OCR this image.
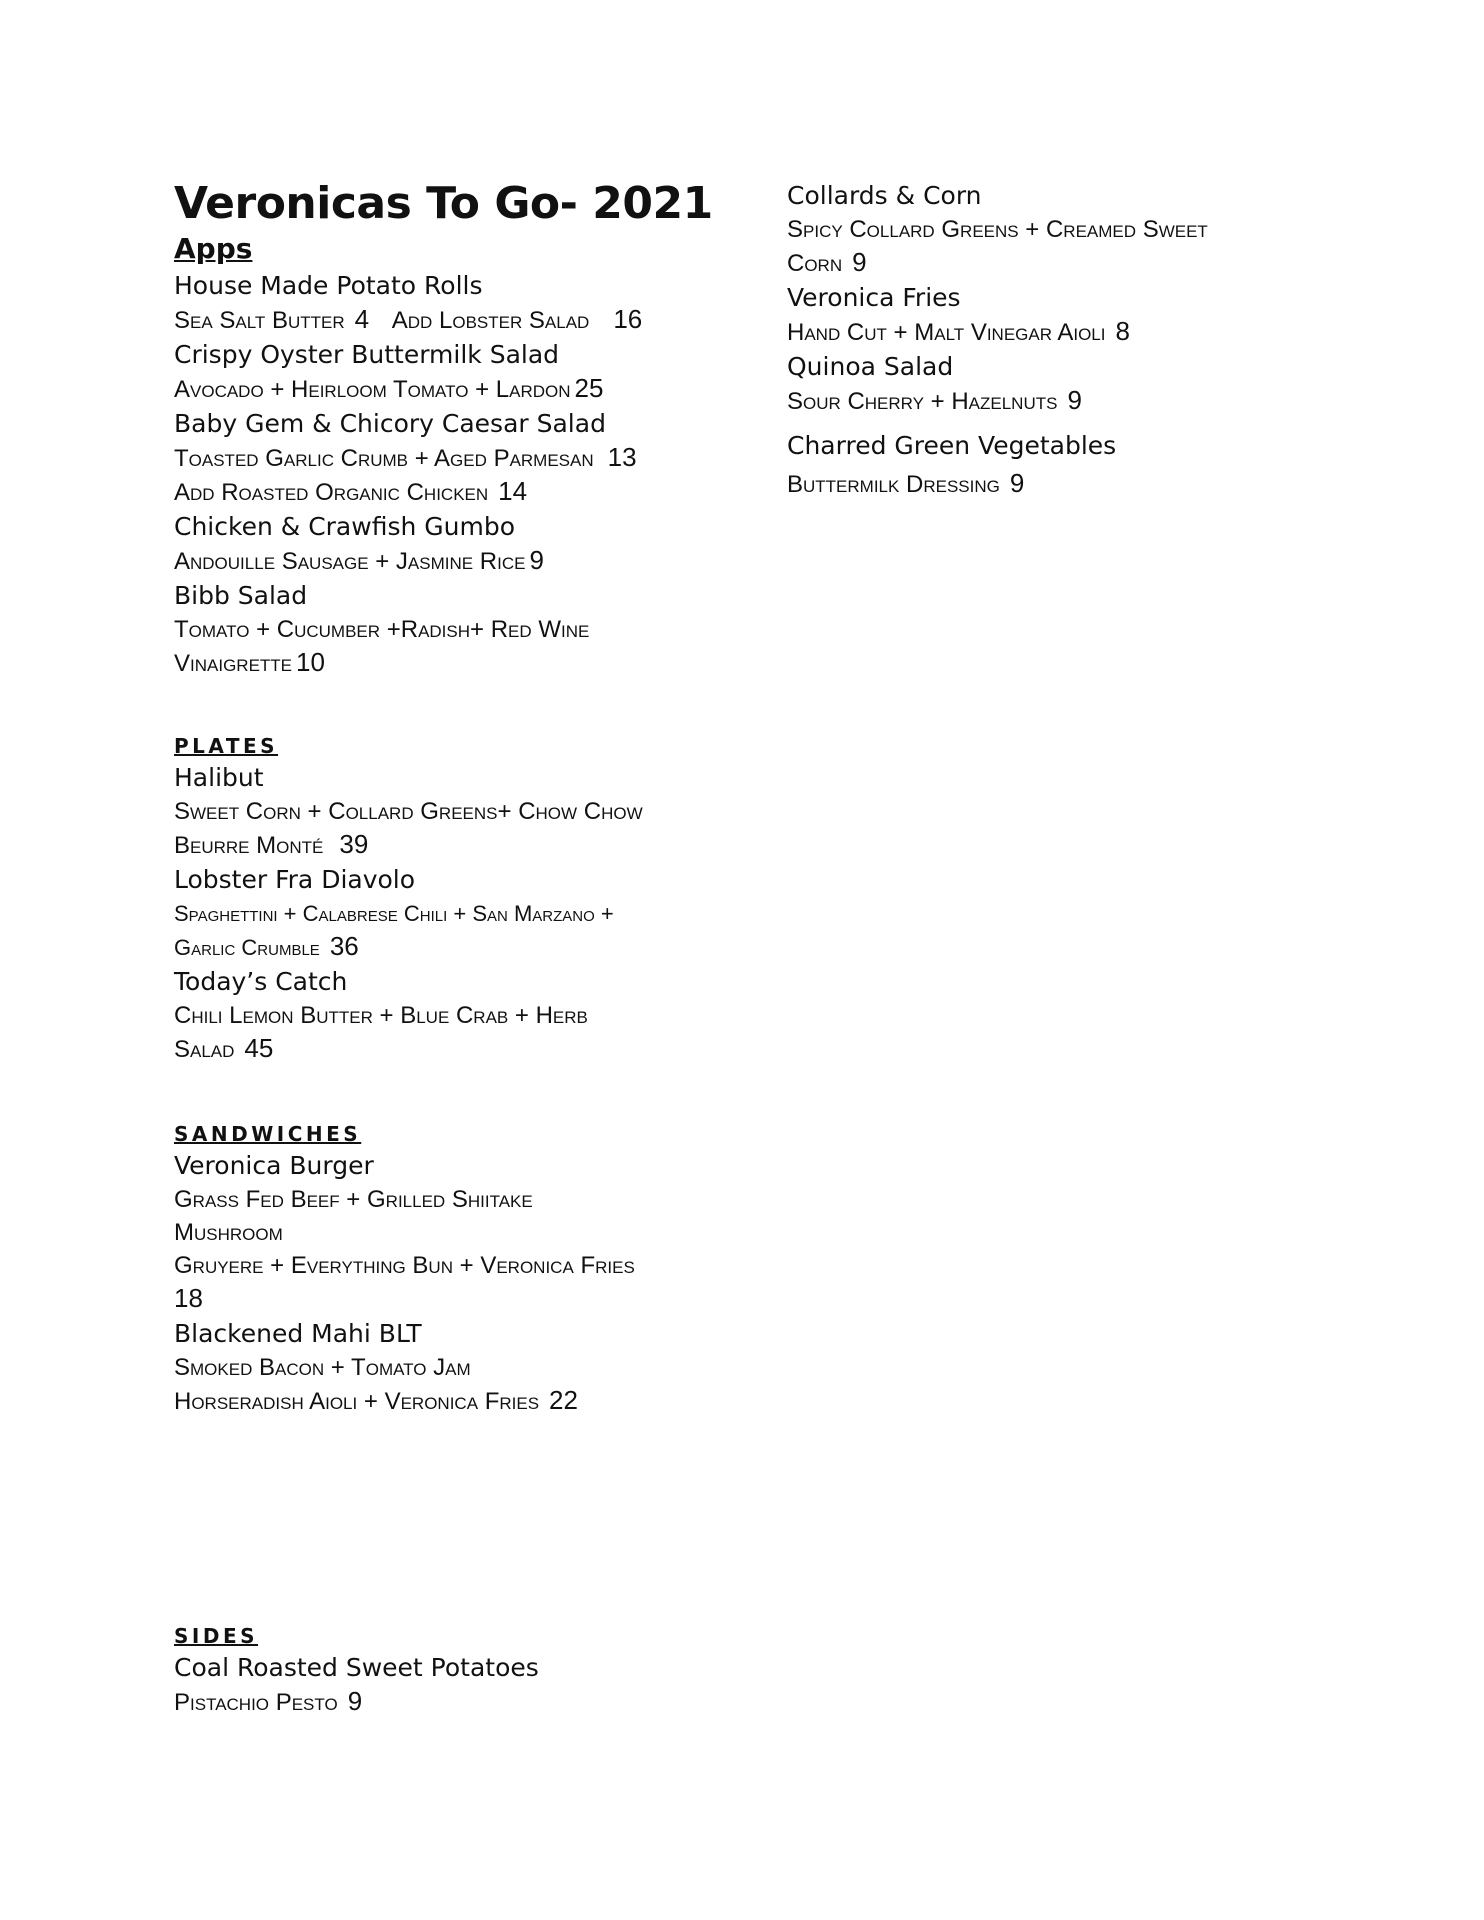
Veronicas To Go- 2021
Apps
House Made Potato Rolls
Sea Salt Butter 4 Add Lobster Salad 16
Crispy Oyster Buttermilk Salad
Avocado + Heirloom Tomato + Lardon 25
Baby Gem & Chicory Caesar Salad
Toasted Garlic Crumb + Aged Parmesan 13
Add Roasted Organic Chicken 14
Chicken & Crawfish Gumbo
Andouille Sausage + Jasmine Rice 9
Bibb Salad
Tomato + Cucumber +Radish+ Red Wine
Vinaigrette 10
PLATES
Halibut
Sweet Corn + Collard Greens+ Chow Chow
Beurre Monté 39
Lobster Fra Diavolo
Spaghettini + Calabrese Chili + San Marzano +
Garlic Crumble 36
Today’s Catch
Chili Lemon Butter + Blue Crab + Herb
Salad 45
SANDWICHES
Veronica Burger
Grass Fed Beef + Grilled Shiitake
Mushroom
Gruyere + Everything Bun + Veronica Fries
18
Blackened Mahi BLT
Smoked Bacon + Tomato Jam
Horseradish Aioli + Veronica Fries 22
SIDES
Coal Roasted Sweet Potatoes
Pistachio Pesto 9
Collards & Corn
Spicy Collard Greens + Creamed Sweet
Corn 9
Veronica Fries
Hand Cut + Malt Vinegar Aioli 8
Quinoa Salad
Sour Cherry + Hazelnuts 9
Charred Green Vegetables
Buttermilk Dressing 9
